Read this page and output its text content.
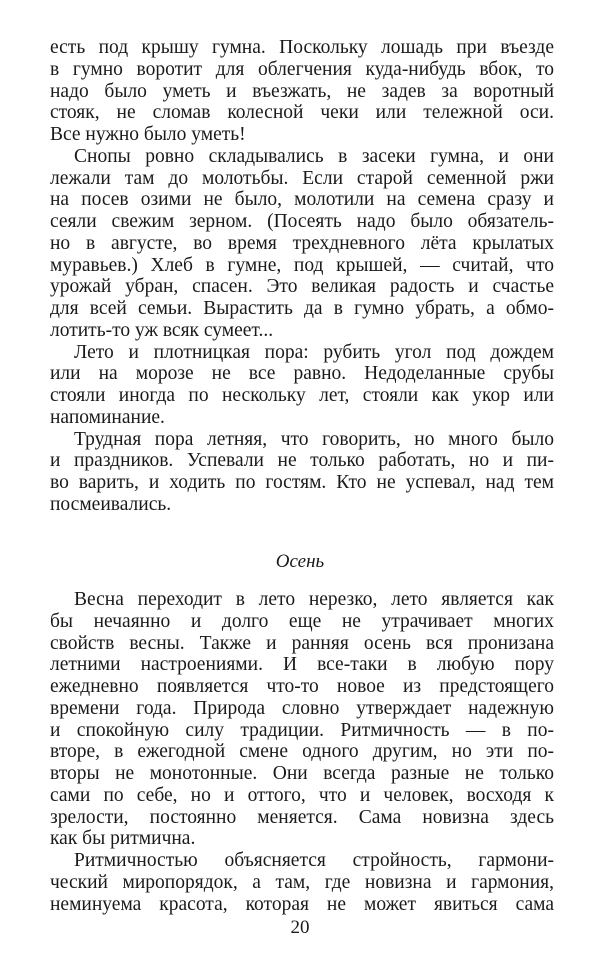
есть под крышу гумна. Поскольку лошадь при въезде
в гумно воротит для облегчения куда-нибудь вбок, то
надо было уметь и въезжать, не задев за воротный
стояк, не сломав колесной чеки или тележной оси.
Все нужно было уметь!
Снопы ровно складывались в засеки гумна, и они
лежали там до молотьбы. Если старой семенной ржи
на посев озими не было, молотили на семена сразу и
сеяли свежим зерном. (Посеять надо было обязатель-
но в августе, во время трехдневного лёта крылатых
муравьев.) Хлеб в гумне, под крышей, — считай, что
урожай убран, спасен. Это великая радость и счастье
для всей семьи. Вырастить да в гумно убрать, а обмо-
лотить-то уж всяк сумеет...
Лето и плотницкая пора: рубить угол под дождем
или на морозе не все равно. Недоделанные срубы
стояли иногда по нескольку лет, стояли как укор или
напоминание.
Трудная пора летняя, что говорить, но много было
и праздников. Успевали не только работать, но и пи-
во варить, и ходить по гостям. Кто не успевал, над тем
посмеивались.
Осень
Весна переходит в лето нерезко, лето является как
бы нечаянно и долго еще не утрачивает многих
свойств весны. Также и ранняя осень вся пронизана
летними настроениями. И все-таки в любую пору
ежедневно появляется что-то новое из предстоящего
времени года. Природа словно утверждает надежную
и спокойную силу традиции. Ритмичность — в по-
вторе, в ежегодной смене одного другим, но эти по-
вторы не монотонные. Они всегда разные не только
сами по себе, но и оттого, что и человек, восходя к
зрелости, постоянно меняется. Сама новизна здесь
как бы ритмична.
Ритмичностью объясняется стройность, гармони-
ческий миропорядок, а там, где новизна и гармония,
неминуема красота, которая не может явиться сама
20
